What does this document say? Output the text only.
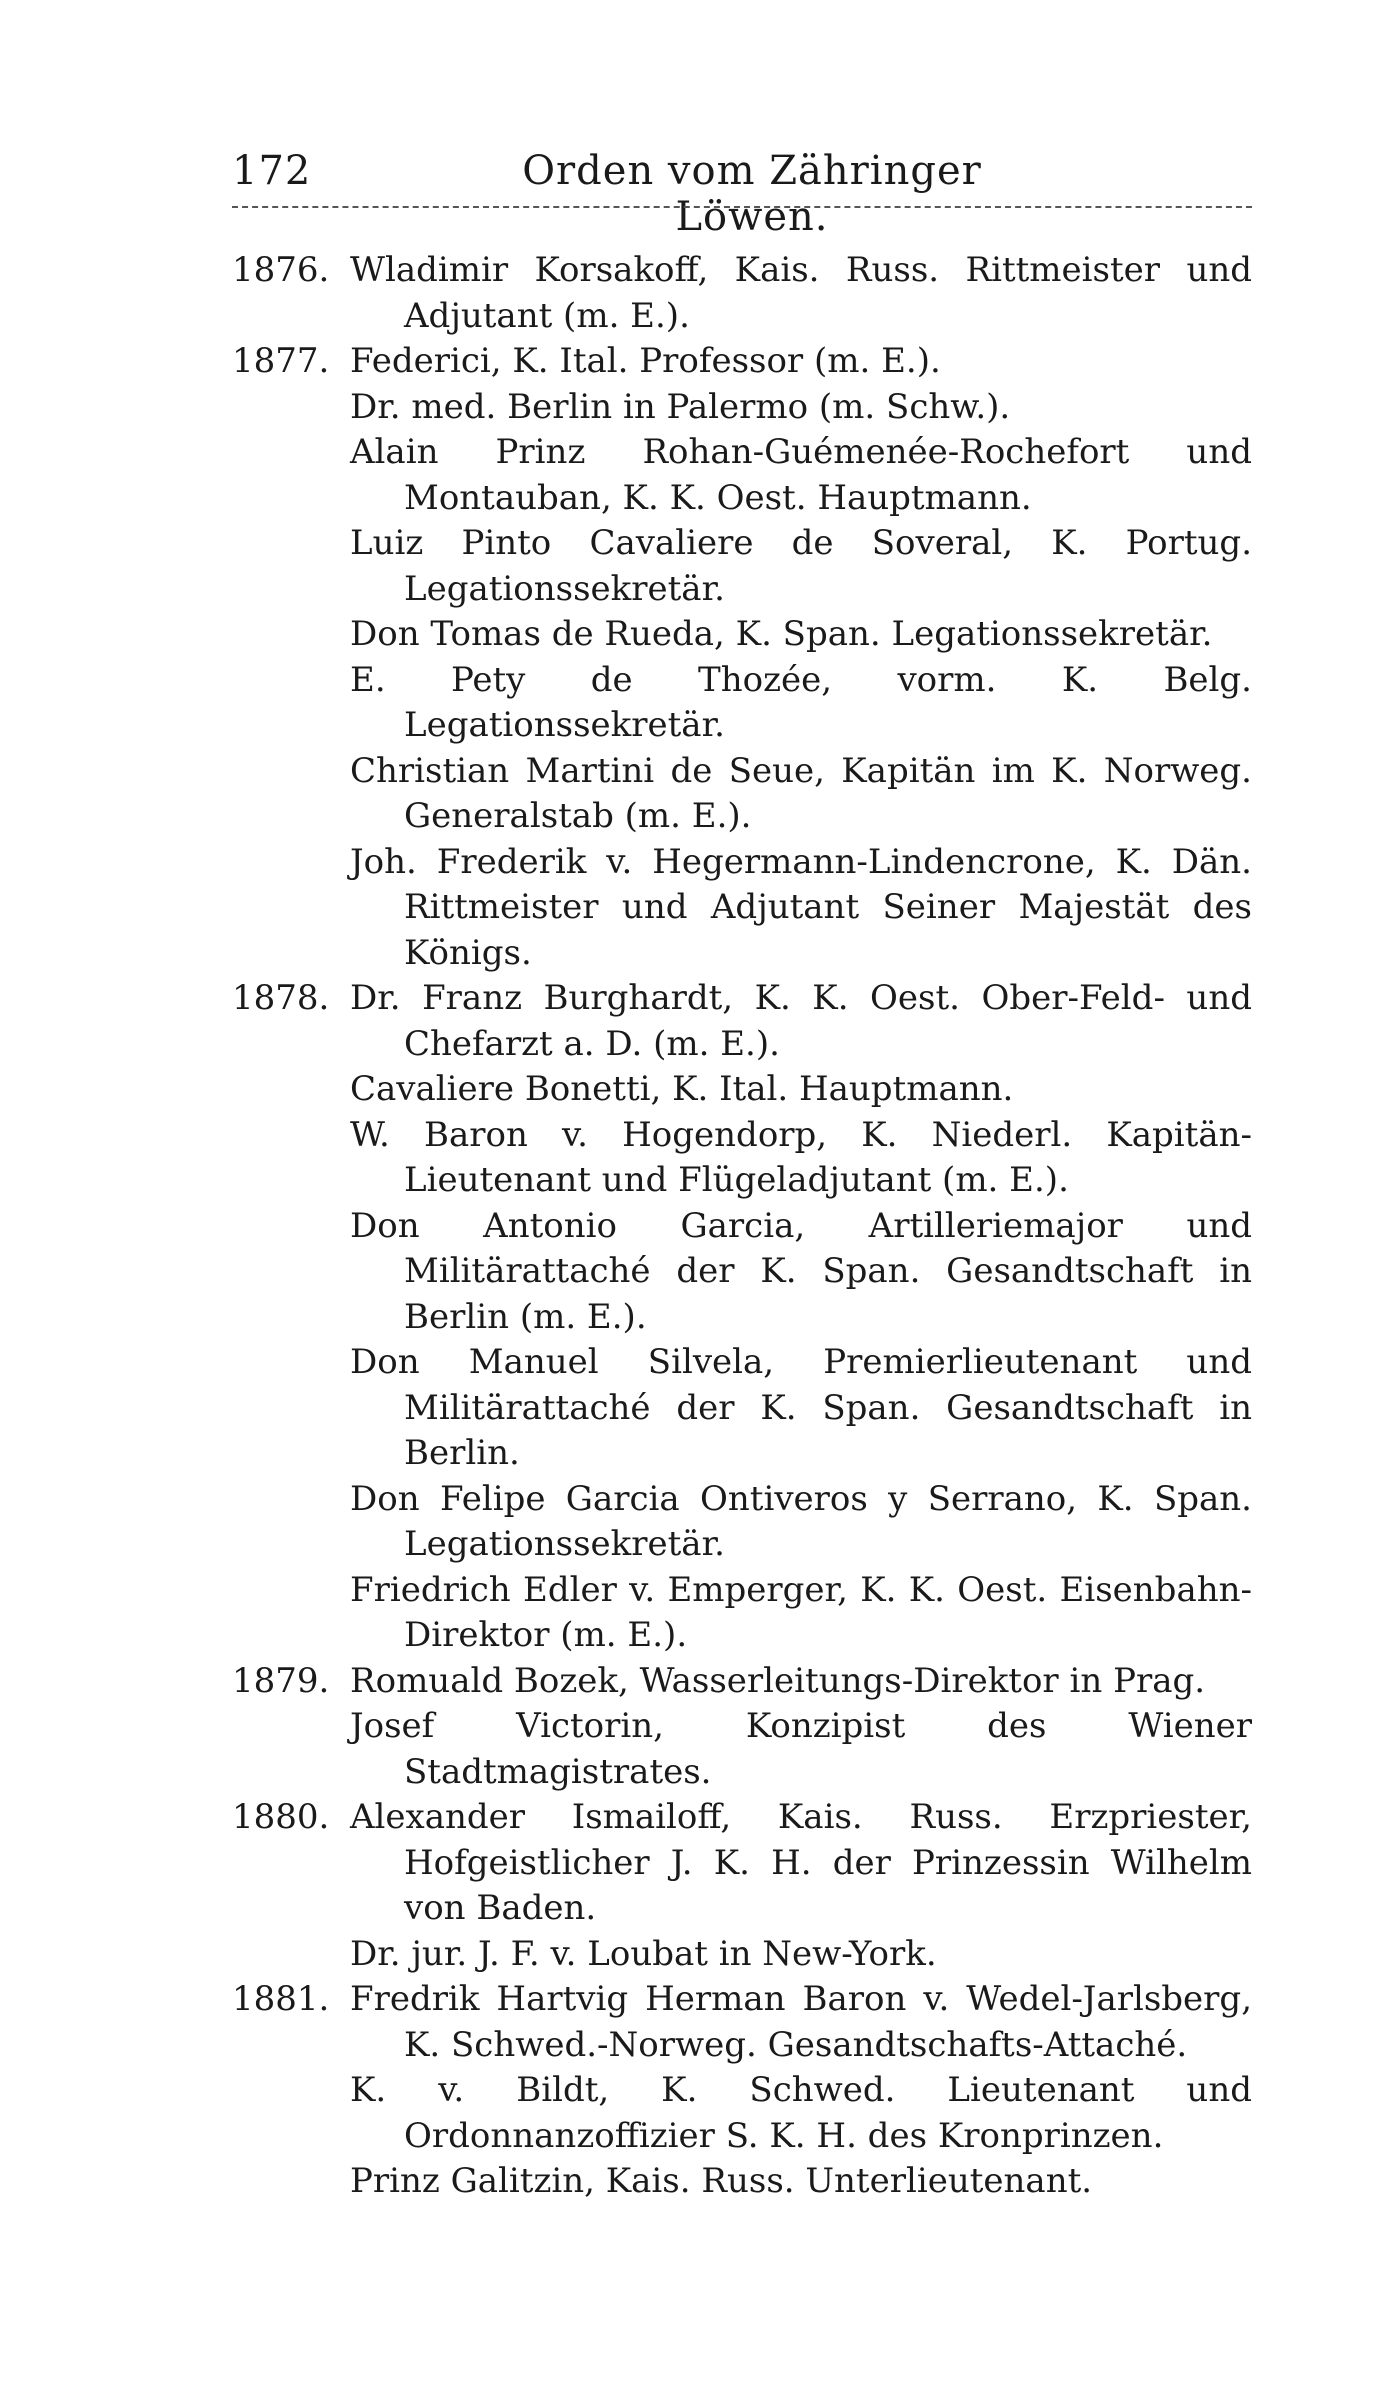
172	Orden vom Zähringer Löwen.
1876. Wladimir Korsakoff, Kais. Russ. Rittmeister und Adjutant (m. E.).
1877. Federici, K. Ital. Professor (m. E.).
Dr. med. Berlin in Palermo (m. Schw.).
Alain Prinz Rohan-Guémenée-Rochefort und Montauban, K. K. Oest. Hauptmann.
Luiz Pinto Cavaliere de Soveral, K. Portug. Legationssekretär.
Don Tomas de Rueda, K. Span. Legationssekretär.
E. Pety de Thozée, vorm. K. Belg. Legationssekretär.
Christian Martini de Seue, Kapitän im K. Norweg. Generalstab (m. E.).
Joh. Frederik v. Hegermann-Lindencrone, K. Dän. Rittmeister und Adjutant Seiner Majestät des Königs.
1878. Dr. Franz Burghardt, K. K. Oest. Ober-Feld- und Chefarzt a. D. (m. E.).
Cavaliere Bonetti, K. Ital. Hauptmann.
W. Baron v. Hogendorp, K. Niederl. Kapitän-Lieutenant und Flügeladjutant (m. E.).
Don Antonio Garcia, Artilleriemajor und Militärattaché der K. Span. Gesandtschaft in Berlin (m. E.).
Don Manuel Silvela, Premierlieutenant und Militärattaché der K. Span. Gesandtschaft in Berlin.
Don Felipe Garcia Ontiveros y Serrano, K. Span. Legationssekretär.
Friedrich Edler v. Emperger, K. K. Oest. Eisenbahn-Direktor (m. E.).
1879. Romuald Bozek, Wasserleitungs-Direktor in Prag.
Josef Victorin, Konzipist des Wiener Stadtmagistrates.
1880. Alexander Ismailoff, Kais. Russ. Erzpriester, Hofgeistlicher J. K. H. der Prinzessin Wilhelm von Baden.
Dr. jur. J. F. v. Loubat in New-York.
1881. Fredrik Hartvig Herman Baron v. Wedel-Jarlsberg, K. Schwed.-Norweg. Gesandtschafts-Attaché.
K. v. Bildt, K. Schwed. Lieutenant und Ordonnanzoffizier S. K. H. des Kronprinzen.
Prinz Galitzin, Kais. Russ. Unterlieutenant.
